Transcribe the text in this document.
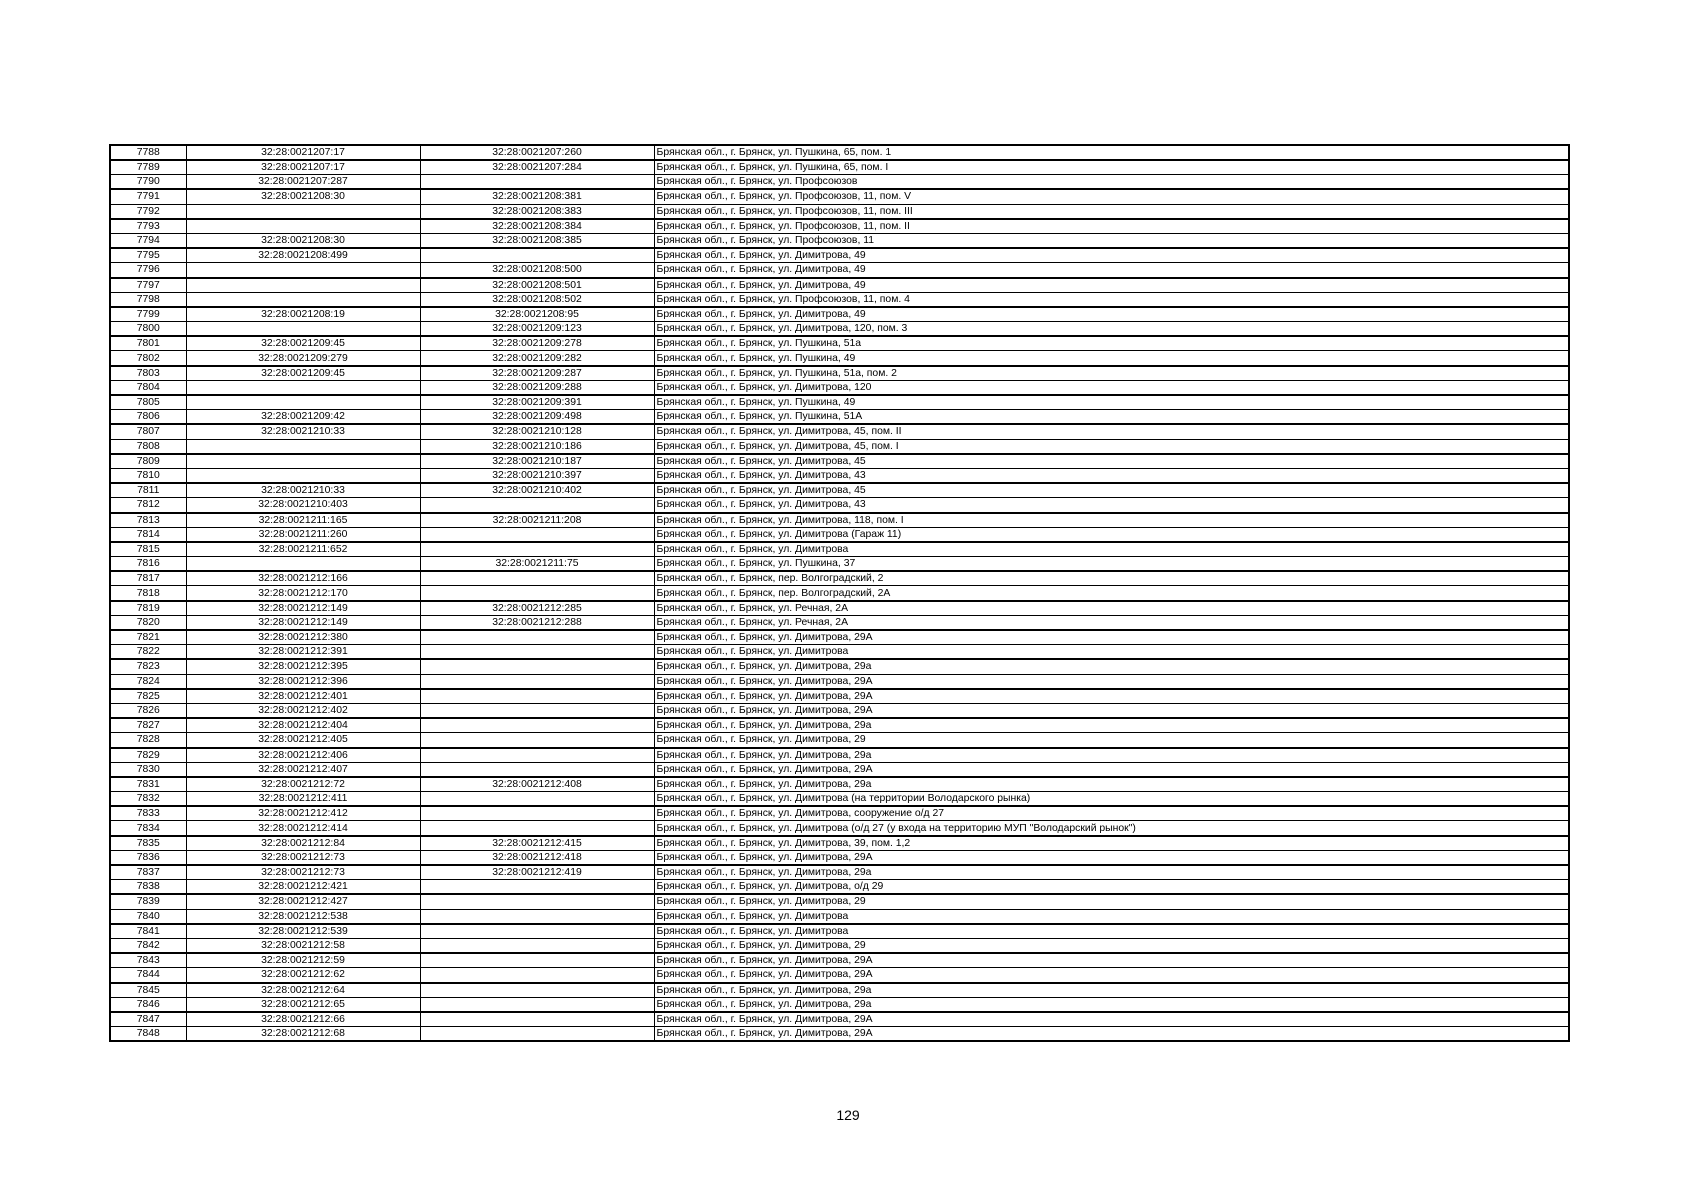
7788	32:28:0021207:17	32:28:0021207:260	Брянская обл., г. Брянск, ул. Пушкина, 65, пом. 1
7789	32:28:0021207:17	32:28:0021207:284	Брянская обл., г. Брянск, ул. Пушкина, 65, пом. I
7790	32:28:0021207:287		Брянская обл., г. Брянск, ул. Профсоюзов
7791	32:28:0021208:30	32:28:0021208:381	Брянская обл., г. Брянск, ул. Профсоюзов, 11, пом. V
7792		32:28:0021208:383	Брянская обл., г. Брянск, ул. Профсоюзов, 11, пом. III
7793		32:28:0021208:384	Брянская обл., г. Брянск, ул. Профсоюзов, 11, пом. II
7794	32:28:0021208:30	32:28:0021208:385	Брянская обл., г. Брянск, ул. Профсоюзов, 11
7795	32:28:0021208:499		Брянская обл., г. Брянск, ул. Димитрова, 49
7796		32:28:0021208:500	Брянская обл., г. Брянск, ул. Димитрова, 49
7797		32:28:0021208:501	Брянская обл., г. Брянск, ул. Димитрова, 49
7798		32:28:0021208:502	Брянская обл., г. Брянск, ул. Профсоюзов, 11, пом. 4
7799	32:28:0021208:19	32:28:0021208:95	Брянская обл., г. Брянск, ул. Димитрова, 49
7800		32:28:0021209:123	Брянская обл., г. Брянск, ул. Димитрова, 120, пом. 3
7801	32:28:0021209:45	32:28:0021209:278	Брянская обл., г. Брянск, ул. Пушкина, 51а
7802	32:28:0021209:279	32:28:0021209:282	Брянская обл., г. Брянск, ул. Пушкина, 49
7803	32:28:0021209:45	32:28:0021209:287	Брянская обл., г. Брянск, ул. Пушкина, 51а, пом. 2
7804		32:28:0021209:288	Брянская обл., г. Брянск, ул. Димитрова, 120
7805		32:28:0021209:391	Брянская обл., г. Брянск, ул. Пушкина, 49
7806	32:28:0021209:42	32:28:0021209:498	Брянская обл., г. Брянск, ул. Пушкина, 51А
7807	32:28:0021210:33	32:28:0021210:128	Брянская обл., г. Брянск, ул. Димитрова, 45, пом. II
7808		32:28:0021210:186	Брянская обл., г. Брянск, ул. Димитрова, 45, пом. I
7809		32:28:0021210:187	Брянская обл., г. Брянск, ул. Димитрова, 45
7810		32:28:0021210:397	Брянская обл., г. Брянск, ул. Димитрова, 43
7811	32:28:0021210:33	32:28:0021210:402	Брянская обл., г. Брянск, ул. Димитрова, 45
7812	32:28:0021210:403		Брянская обл., г. Брянск, ул. Димитрова, 43
7813	32:28:0021211:165	32:28:0021211:208	Брянская обл., г. Брянск, ул. Димитрова, 118, пом. I
7814	32:28:0021211:260		Брянская обл., г. Брянск, ул. Димитрова (Гараж 11)
7815	32:28:0021211:652		Брянская обл., г. Брянск, ул. Димитрова
7816		32:28:0021211:75	Брянская обл., г. Брянск, ул. Пушкина, 37
7817	32:28:0021212:166		Брянская обл., г. Брянск, пер. Волгоградский, 2
7818	32:28:0021212:170		Брянская обл., г. Брянск, пер. Волгоградский, 2А
7819	32:28:0021212:149	32:28:0021212:285	Брянская обл., г. Брянск, ул. Речная, 2А
7820	32:28:0021212:149	32:28:0021212:288	Брянская обл., г. Брянск, ул. Речная, 2А
7821	32:28:0021212:380		Брянская обл., г. Брянск, ул. Димитрова, 29А
7822	32:28:0021212:391		Брянская обл., г. Брянск, ул. Димитрова
7823	32:28:0021212:395		Брянская обл., г. Брянск, ул. Димитрова, 29а
7824	32:28:0021212:396		Брянская обл., г. Брянск, ул. Димитрова, 29А
7825	32:28:0021212:401		Брянская обл., г. Брянск, ул. Димитрова, 29А
7826	32:28:0021212:402		Брянская обл., г. Брянск, ул. Димитрова, 29А
7827	32:28:0021212:404		Брянская обл., г. Брянск, ул. Димитрова, 29а
7828	32:28:0021212:405		Брянская обл., г. Брянск, ул. Димитрова, 29
7829	32:28:0021212:406		Брянская обл., г. Брянск, ул. Димитрова, 29а
7830	32:28:0021212:407		Брянская обл., г. Брянск, ул. Димитрова, 29А
7831	32:28:0021212:72	32:28:0021212:408	Брянская обл., г. Брянск, ул. Димитрова, 29а
7832	32:28:0021212:411		Брянская обл., г. Брянск, ул. Димитрова (на территории Володарского рынка)
7833	32:28:0021212:412		Брянская обл., г. Брянск, ул. Димитрова, сооружение о/д 27
7834	32:28:0021212:414		Брянская обл., г. Брянск, ул. Димитрова (о/д 27 (у входа на территорию МУП "Володарский рынок")
7835	32:28:0021212:84	32:28:0021212:415	Брянская обл., г. Брянск, ул. Димитрова, 39, пом. 1,2
7836	32:28:0021212:73	32:28:0021212:418	Брянская обл., г. Брянск, ул. Димитрова, 29А
7837	32:28:0021212:73	32:28:0021212:419	Брянская обл., г. Брянск, ул. Димитрова, 29а
7838	32:28:0021212:421		Брянская обл., г. Брянск, ул. Димитрова, о/д 29
7839	32:28:0021212:427		Брянская обл., г. Брянск, ул. Димитрова, 29
7840	32:28:0021212:538		Брянская обл., г. Брянск, ул. Димитрова
7841	32:28:0021212:539		Брянская обл., г. Брянск, ул. Димитрова
7842	32:28:0021212:58		Брянская обл., г. Брянск, ул. Димитрова, 29
7843	32:28:0021212:59		Брянская обл., г. Брянск, ул. Димитрова, 29А
7844	32:28:0021212:62		Брянская обл., г. Брянск, ул. Димитрова, 29А
7845	32:28:0021212:64		Брянская обл., г. Брянск, ул. Димитрова, 29а
7846	32:28:0021212:65		Брянская обл., г. Брянск, ул. Димитрова, 29а
7847	32:28:0021212:66		Брянская обл., г. Брянск, ул. Димитрова, 29А
7848	32:28:0021212:68		Брянская обл., г. Брянск, ул. Димитрова, 29А
129
